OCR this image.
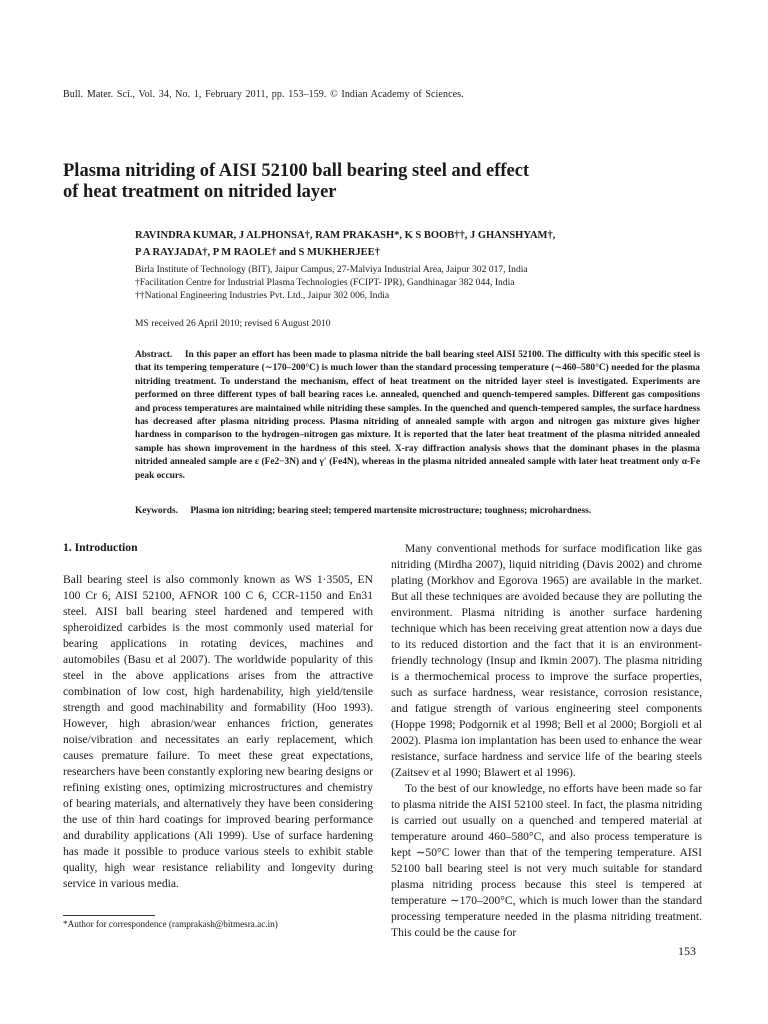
Bull. Mater. Sci., Vol. 34, No. 1, February 2011, pp. 153–159. © Indian Academy of Sciences.
Plasma nitriding of AISI 52100 ball bearing steel and effect
of heat treatment on nitrided layer
RAVINDRA KUMAR, J ALPHONSA†, RAM PRAKASH*, K S BOOB††, J GHANSHYAM†,
P A RAYJADA†, P M RAOLE† and S MUKHERJEE†
Birla Institute of Technology (BIT), Jaipur Campus, 27-Malviya Industrial Area, Jaipur 302 017, India
†Facilitation Centre for Industrial Plasma Technologies (FCIPT- IPR), Gandhinagar 382 044, India
††National Engineering Industries Pvt. Ltd., Jaipur 302 006, India
MS received 26 April 2010; revised 6 August 2010
Abstract. In this paper an effort has been made to plasma nitride the ball bearing steel AISI 52100. The difficulty with this specific steel is that its tempering temperature (∼170–200°C) is much lower than the standard processing temperature (∼460–580°C) needed for the plasma nitriding treatment. To understand the mechanism, effect of heat treatment on the nitrided layer steel is investigated. Experiments are performed on three different types of ball bearing races i.e. annealed, quenched and quench-tempered samples. Different gas compositions and process temperatures are maintained while nitriding these samples. In the quenched and quench-tempered samples, the surface hardness has decreased after plasma nitriding process. Plasma nitriding of annealed sample with argon and nitrogen gas mixture gives higher hardness in comparison to the hydrogen–nitrogen gas mixture. It is reported that the later heat treatment of the plasma nitrided annealed sample has shown improvement in the hardness of this steel. X-ray diffraction analysis shows that the dominant phases in the plasma nitrided annealed sample are ε (Fe2−3N) and γ′ (Fe4N), whereas in the plasma nitrided annealed sample with later heat treatment only α-Fe peak occurs.
Keywords. Plasma ion nitriding; bearing steel; tempered martensite microstructure; toughness; microhardness.
1. Introduction

Ball bearing steel is also commonly known as WS 1·3505, EN 100 Cr 6, AISI 52100, AFNOR 100 C 6, CCR-1150 and En31 steel. AISI ball bearing steel hardened and tempered with spheroidized carbides is the most commonly used material for bearing applications in rotating devices, machines and automobiles (Basu et al 2007). The worldwide popularity of this steel in the above applications arises from the attractive combination of low cost, high hardenability, high yield/tensile strength and good machinability and formability (Hoo 1993). However, high abrasion/wear enhances friction, generates noise/vibration and necessitates an early replacement, which causes premature failure. To meet these great expectations, researchers have been constantly exploring new bearing designs or refining existing ones, optimizing microstructures and chemistry of bearing materials, and alternatively they have been considering the use of thin hard coatings for improved bearing performance and durability applications (Ali 1999). Use of surface hardening has made it possible to produce various steels to exhibit stable quality, high wear resistance reliability and longevity during service in various media.

Many conventional methods for surface modification like gas nitriding (Mirdha 2007), liquid nitriding (Davis 2002) and chrome plating (Morkhov and Egorova 1965) are available in the market. But all these techniques are avoided because they are polluting the environment. Plasma nitriding is another surface hardening technique which has been receiving great attention now a days due to its reduced distortion and the fact that it is an environment-friendly technology (Insup and Ikmin 2007). The plasma nitriding is a thermochemical process to improve the surface properties, such as surface hardness, wear resistance, corrosion resistance, and fatigue strength of various engineering steel components (Hoppe 1998; Podgornik et al 1998; Bell et al 2000; Borgioli et al 2002). Plasma ion implantation has been used to enhance the wear resistance, surface hardness and service life of the bearing steels (Zaitsev et al 1990; Blawert et al 1996).

To the best of our knowledge, no efforts have been made so far to plasma nitride the AISI 52100 steel. In fact, the plasma nitriding is carried out usually on a quenched and tempered material at temperature around 460–580°C, and also process temperature is kept ∼50°C lower than that of the tempering temperature. AISI 52100 ball bearing steel is not very much suitable for standard plasma nitriding process because this steel is tempered at temperature ∼170–200°C, which is much lower than the standard processing temperature needed in the plasma nitriding treatment. This could be the cause for

*Author for correspondence (ramprakash@bitmesra.ac.in)
153
